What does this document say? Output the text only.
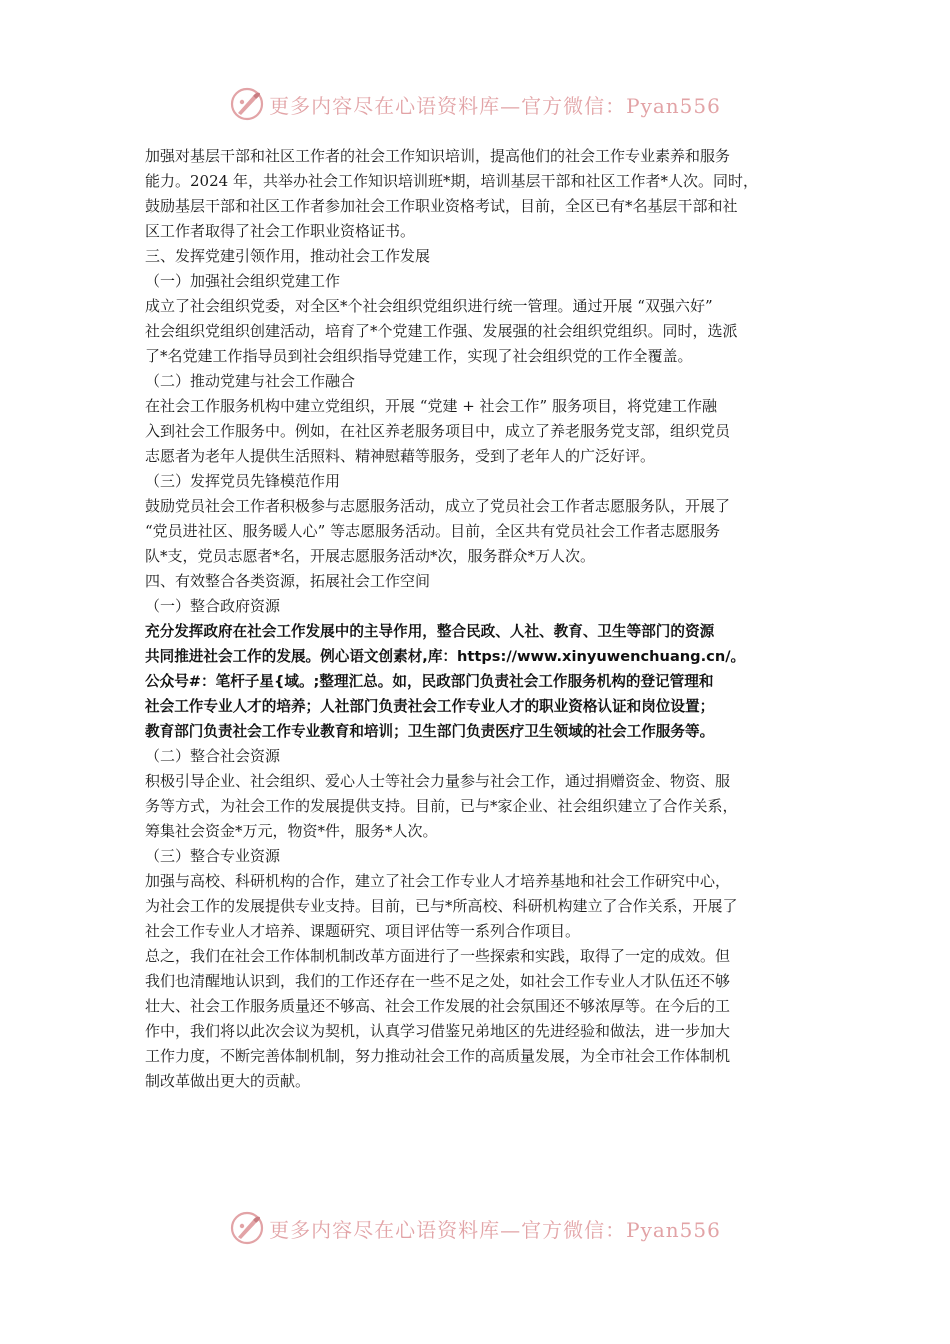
更多内容尽在心语资料库—官方微信：Pyan556

加强对基层干部和社区工作者的社会工作知识培训，提高他们的社会工作专业素养和服务

能力。2024 年，共举办社会工作知识培训班*期，培训基层干部和社区工作者*人次。同时，

鼓励基层干部和社区工作者参加社会工作职业资格考试，目前，全区已有*名基层干部和社

区工作者取得了社会工作职业资格证书。

三、发挥党建引领作用，推动社会工作发展

（一）加强社会组织党建工作

成立了社会组织党委，对全区*个社会组织党组织进行统一管理。通过开展 “双强六好”

社会组织党组织创建活动，培育了*个党建工作强、发展强的社会组织党组织。同时，选派

了*名党建工作指导员到社会组织指导党建工作，实现了社会组织党的工作全覆盖。

（二）推动党建与社会工作融合

在社会工作服务机构中建立党组织，开展 “党建 + 社会工作” 服务项目，将党建工作融

入到社会工作服务中。例如，在社区养老服务项目中，成立了养老服务党支部，组织党员

志愿者为老年人提供生活照料、精神慰藉等服务，受到了老年人的广泛好评。

（三）发挥党员先锋模范作用

鼓励党员社会工作者积极参与志愿服务活动，成立了党员社会工作者志愿服务队，开展了

“党员进社区、服务暖人心” 等志愿服务活动。目前，全区共有党员社会工作者志愿服务

队*支，党员志愿者*名，开展志愿服务活动*次，服务群众*万人次。

四、有效整合各类资源，拓展社会工作空间

（一）整合政府资源

充分发挥政府在社会工作发展中的主导作用，整合民政、人社、教育、卫生等部门的资源

共同推进社会工作的发展。例心语文创素材,库：https://www.xinyuwenchuang.cn/。

公众号#：笔杆子星{域。;整理汇总。如，民政部门负责社会工作服务机构的登记管理和

社会工作专业人才的培养；人社部门负责社会工作专业人才的职业资格认证和岗位设置；

教育部门负责社会工作专业教育和培训；卫生部门负责医疗卫生领域的社会工作服务等。

（二）整合社会资源

积极引导企业、社会组织、爱心人士等社会力量参与社会工作，通过捐赠资金、物资、服

务等方式，为社会工作的发展提供支持。目前，已与*家企业、社会组织建立了合作关系，

筹集社会资金*万元，物资*件，服务*人次。

（三）整合专业资源

加强与高校、科研机构的合作，建立了社会工作专业人才培养基地和社会工作研究中心，

为社会工作的发展提供专业支持。目前，已与*所高校、科研机构建立了合作关系，开展了

社会工作专业人才培养、课题研究、项目评估等一系列合作项目。

总之，我们在社会工作体制机制改革方面进行了一些探索和实践，取得了一定的成效。但

我们也清醒地认识到，我们的工作还存在一些不足之处，如社会工作专业人才队伍还不够

壮大、社会工作服务质量还不够高、社会工作发展的社会氛围还不够浓厚等。在今后的工

作中，我们将以此次会议为契机，认真学习借鉴兄弟地区的先进经验和做法，进一步加大

工作力度，不断完善体制机制，努力推动社会工作的高质量发展，为全市社会工作体制机

制改革做出更大的贡献。

更多内容尽在心语资料库—官方微信：Pyan556
